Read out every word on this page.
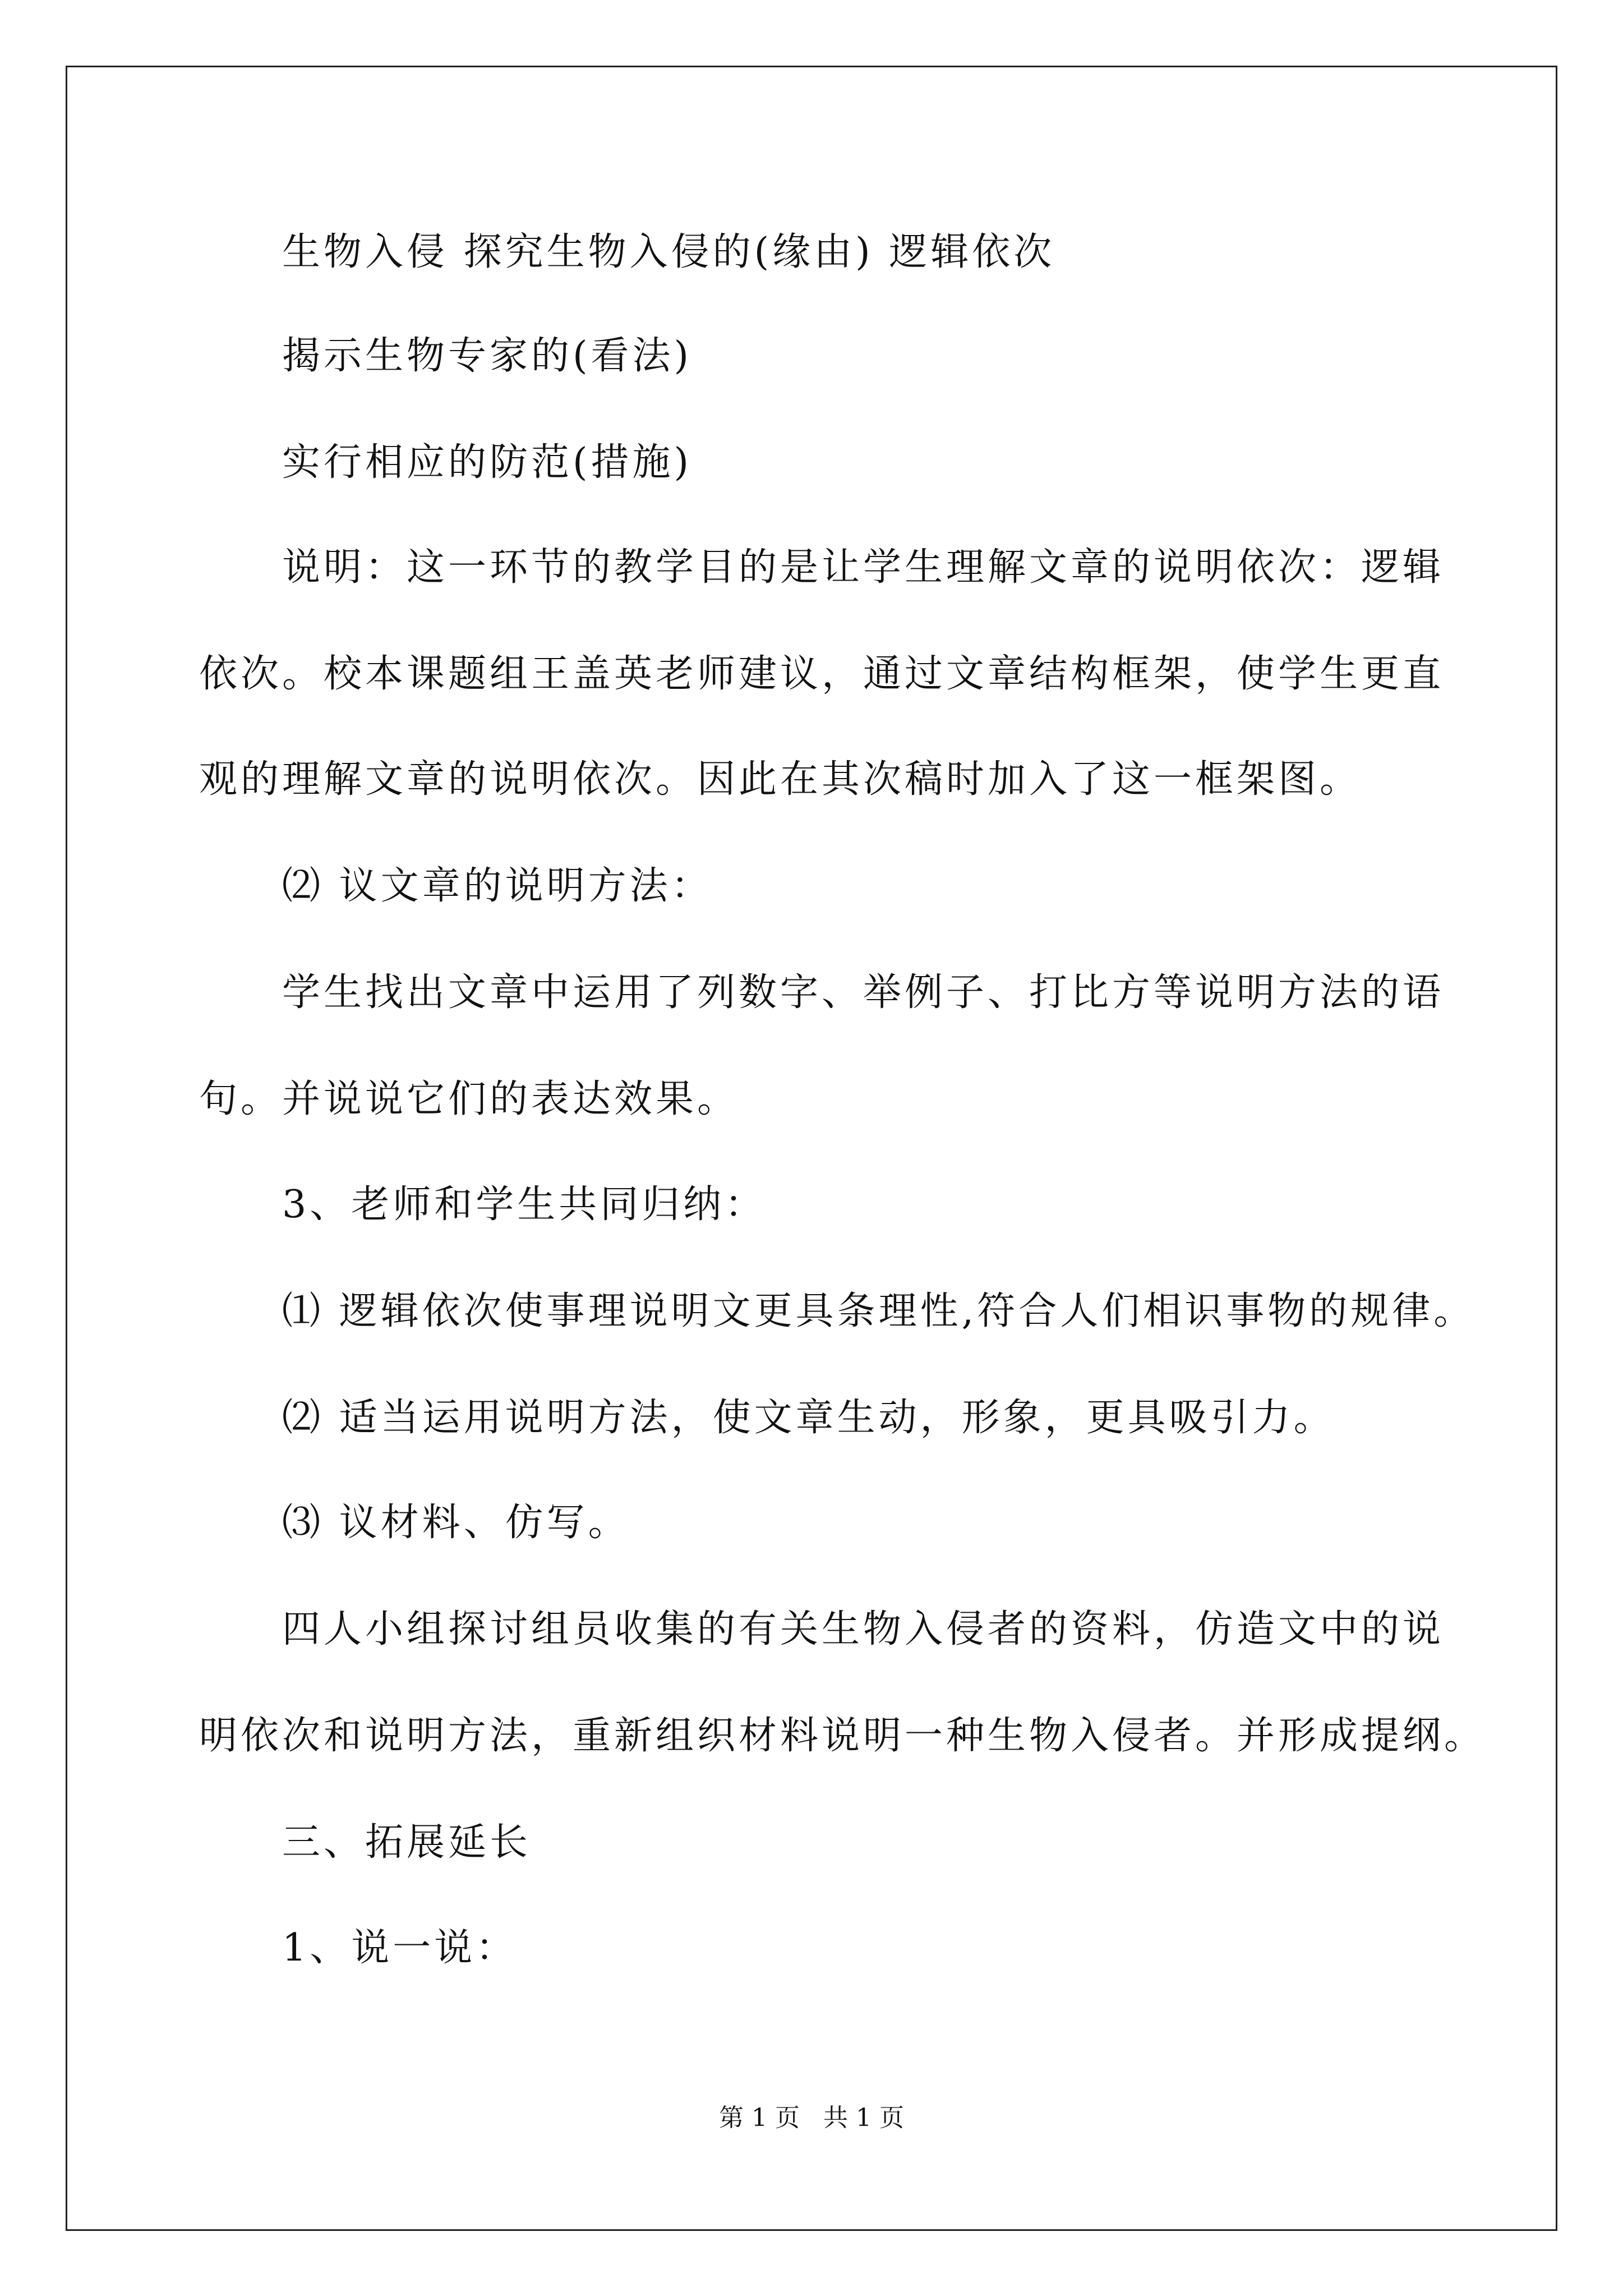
生物入侵 探究生物入侵的(缘由) 逻辑依次
揭示生物专家的(看法)
实行相应的防范(措施)
说明：这一环节的教学目的是让学生理解文章的说明依次：逻辑
依次。校本课题组王盖英老师建议，通过文章结构框架，使学生更直
观的理解文章的说明依次。因此在其次稿时加入了这一框架图。
⑵ 议文章的说明方法：
学生找出文章中运用了列数字、举例子、打比方等说明方法的语
句。并说说它们的表达效果。
3、老师和学生共同归纳：
⑴ 逻辑依次使事理说明文更具条理性,符合人们相识事物的规律。
⑵ 适当运用说明方法，使文章生动，形象，更具吸引力。
⑶ 议材料、仿写。
四人小组探讨组员收集的有关生物入侵者的资料，仿造文中的说
明依次和说明方法，重新组织材料说明一种生物入侵者。并形成提纲。
三、拓展延长
1、说一说：
第 1 页   共 1 页
